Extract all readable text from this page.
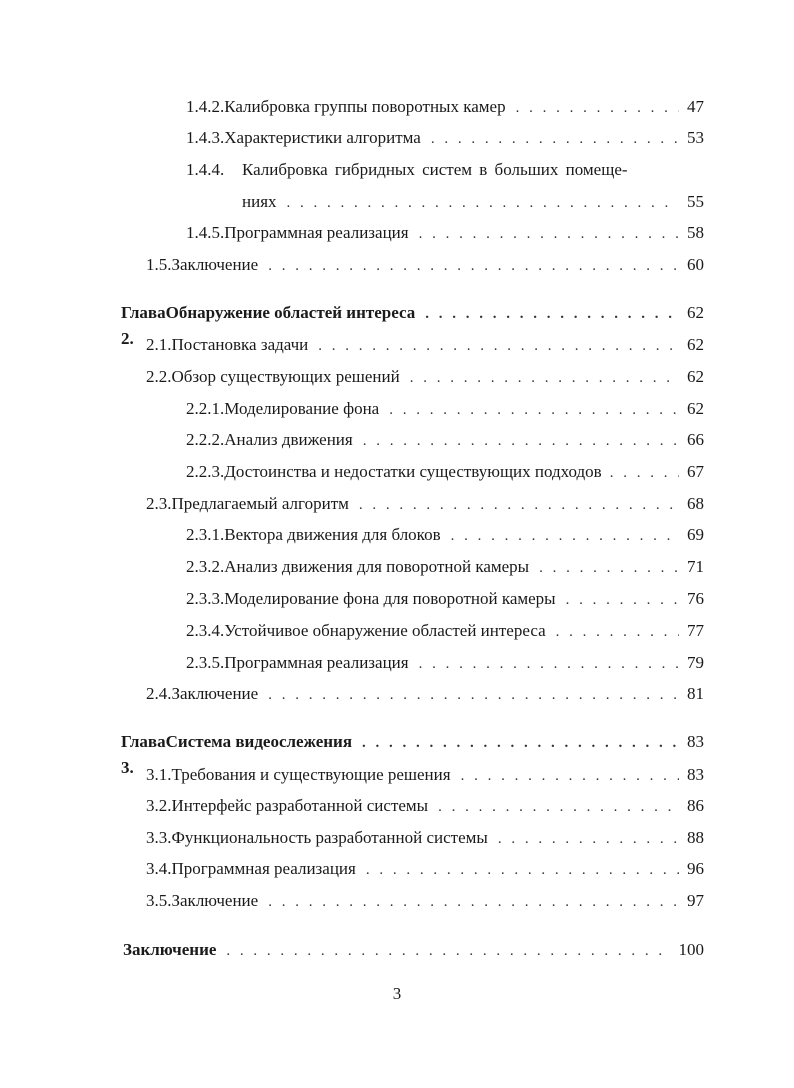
1.4.2. Калибровка группы поворотных камер . . .	47
1.4.3. Характеристики алгоритма . . .	53
1.4.4.	Калибровка гибридных систем в больших помеще-
ниях . . .	55
1.4.5. Программная реализация . . .	58
1.5. Заключение . . .	60
Глава 2.
Обнаружение областей интереса . . .	62
2.1. Постановка задачи . . .	62
2.2. Обзор существующих решений . . .	62
2.2.1. Моделирование фона . . .	62
2.2.2. Анализ движения . . .	66
2.2.3. Достоинства и недостатки существующих подходов . . .	67
2.3. Предлагаемый алгоритм . . .	68
2.3.1. Вектора движения для блоков . . .	69
2.3.2. Анализ движения для поворотной камеры . . .	71
2.3.3. Моделирование фона для поворотной камеры . . .	76
2.3.4. Устойчивое обнаружение областей интереса . . .	77
2.3.5. Программная реализация . . .	79
2.4. Заключение . . .	81
Глава 3.
Система видеослежения . . .	83
3.1. Требования и существующие решения . . .	83
3.2. Интерфейс разработанной системы . . .	86
3.3. Функциональность разработанной системы . . .	88
3.4. Программная реализация . . .	96
3.5. Заключение . . .	97
Заключение . . .	100
3
